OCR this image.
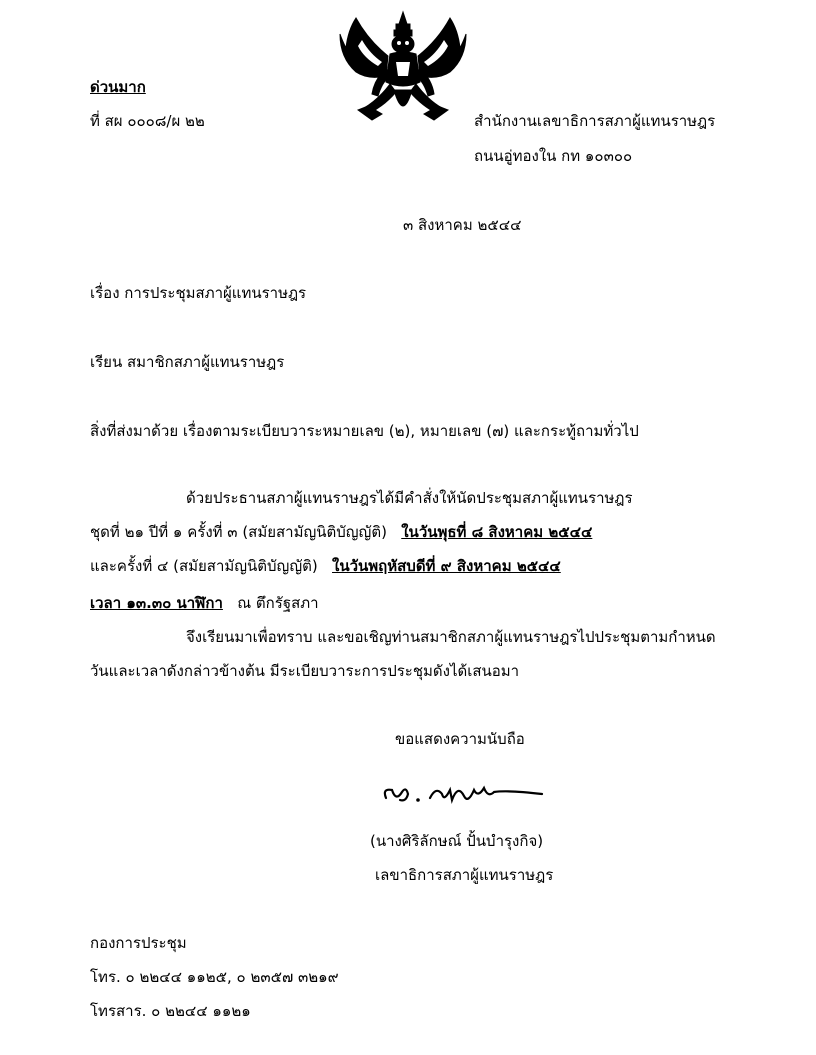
ด่วนมาก
ที่ สผ ๐๐๐๘/ผ ๒๒	สำนักงานเลขาธิการสภาผู้แทนราษฎร
ถนนอู่ทองใน กท ๑๐๓๐๐
๓ สิงหาคม ๒๕๔๔
เรื่อง การประชุมสภาผู้แทนราษฎร
เรียน สมาชิกสภาผู้แทนราษฎร
สิ่งที่ส่งมาด้วย เรื่องตามระเบียบวาระหมายเลข (๒), หมายเลข (๗) และกระทู้ถามทั่วไป
ด้วยประธานสภาผู้แทนราษฎรได้มีคำสั่งให้นัดประชุมสภาผู้แทนราษฎร
ชุดที่ ๒๑ ปีที่ ๑ ครั้งที่ ๓ (สมัยสามัญนิติบัญญัติ) ในวันพุธที่ ๘ สิงหาคม ๒๕๔๔
และครั้งที่ ๔ (สมัยสามัญนิติบัญญัติ) ในวันพฤหัสบดีที่ ๙ สิงหาคม ๒๕๔๔
เวลา ๑๓.๓๐ นาฬิกา ณ ตึกรัฐสภา
จึงเรียนมาเพื่อทราบ และขอเชิญท่านสมาชิกสภาผู้แทนราษฎรไปประชุมตามกำหนด
วันและเวลาดังกล่าวข้างต้น มีระเบียบวาระการประชุมดังได้เสนอมา
ขอแสดงความนับถือ
(นางศิริลักษณ์ ปั้นบำรุงกิจ)
เลขาธิการสภาผู้แทนราษฎร
กองการประชุม
โทร. ๐ ๒๒๔๔ ๑๑๒๕, ๐ ๒๓๕๗ ๓๒๑๙
โทรสาร. ๐ ๒๒๔๔ ๑๑๒๑
